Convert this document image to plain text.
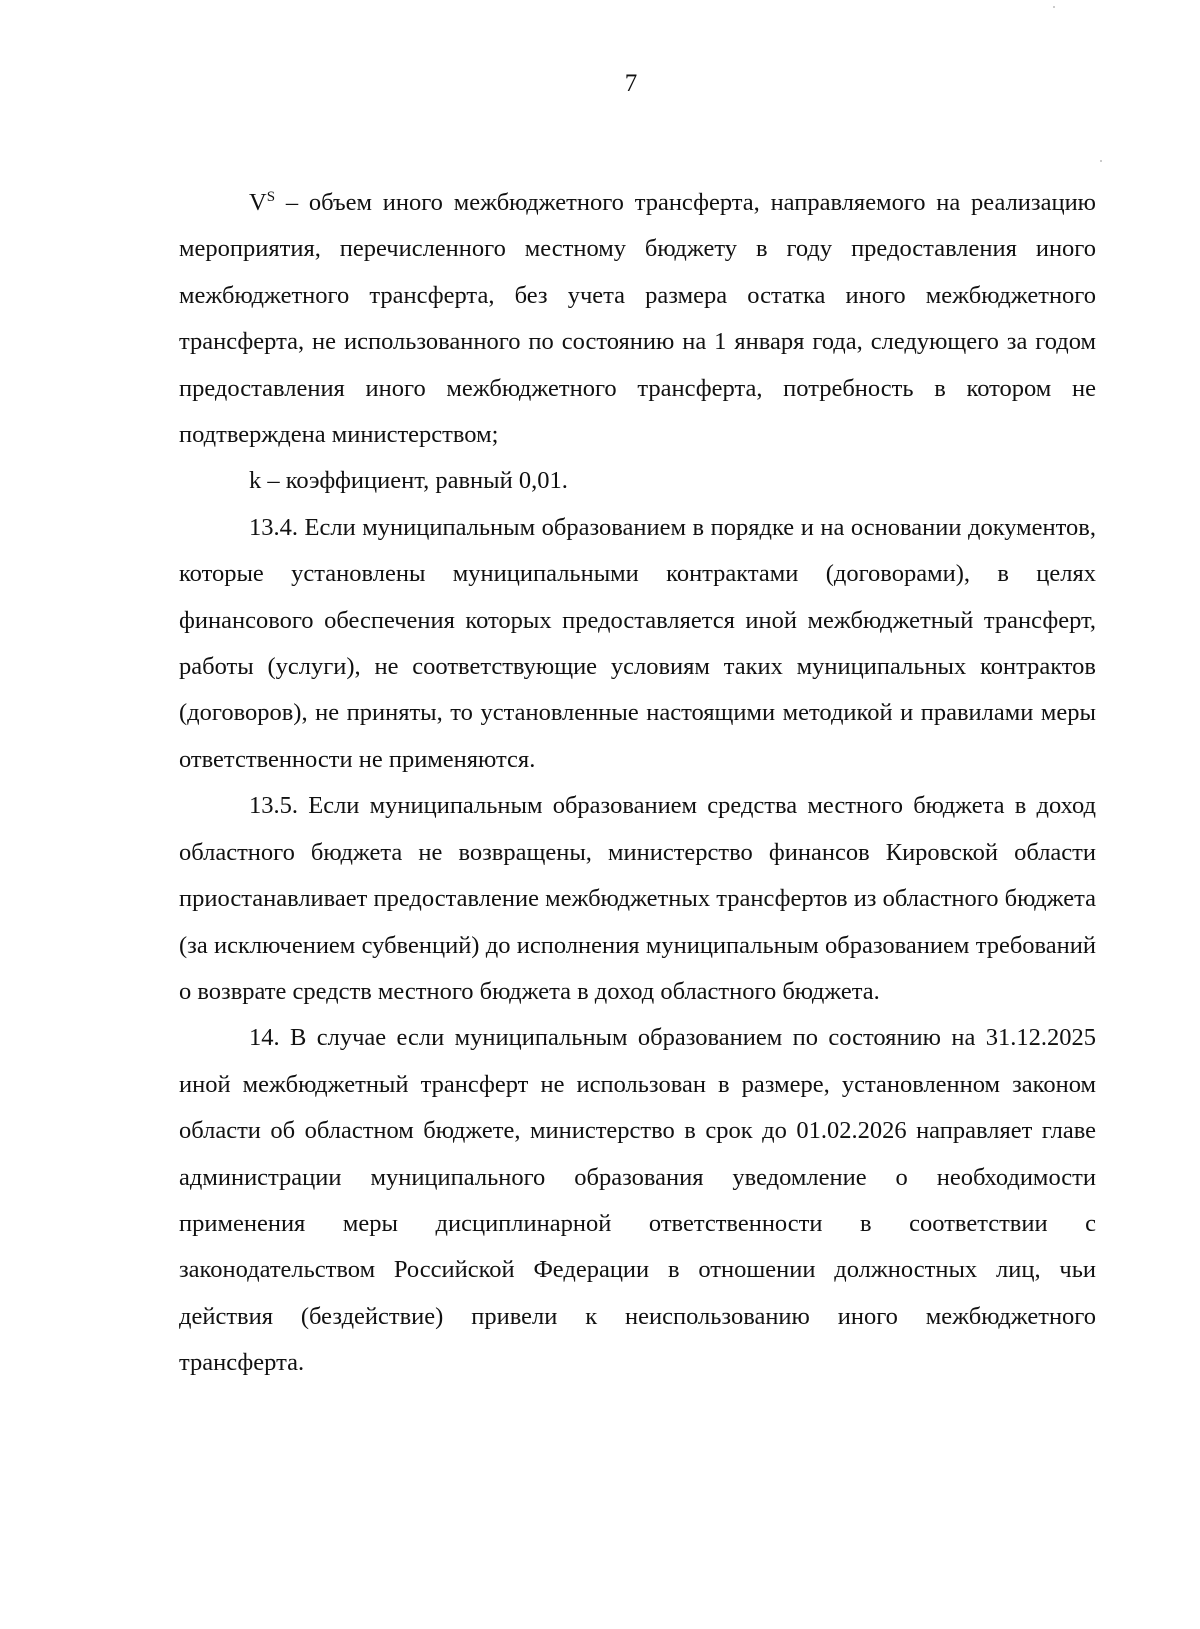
7

$V^S$ – объем иного межбюджетного трансферта, направляемого на реализацию мероприятия, перечисленного местному бюджету в году предоставления иного межбюджетного трансферта, без учета размера остатка иного межбюджетного трансферта, не использованного по состоянию на 1 января года, следующего за годом предоставления иного межбюджетного трансферта, потребность в котором не подтверждена министерством;

k – коэффициент, равный 0,01.

13.4. Если муниципальным образованием в порядке и на основании документов, которые установлены муниципальными контрактами (договорами), в целях финансового обеспечения которых предоставляется иной межбюджетный трансферт, работы (услуги), не соответствующие условиям таких муниципальных контрактов (договоров), не приняты, то установленные настоящими методикой и правилами меры ответственности не применяются.

13.5. Если муниципальным образованием средства местного бюджета в доход областного бюджета не возвращены, министерство финансов Кировской области приостанавливает предоставление межбюджетных трансфертов из областного бюджета (за исключением субвенций) до исполнения муниципальным образованием требований о возврате средств местного бюджета в доход областного бюджета.

14. В случае если муниципальным образованием по состоянию на 31.12.2025 иной межбюджетный трансферт не использован в размере, установленном законом области об областном бюджете, министерство в срок до 01.02.2026 направляет главе администрации муниципального образования уведомление о необходимости применения меры дисциплинарной ответственности в соответствии с законодательством Российской Федерации в отношении должностных лиц, чьи действия (бездействие) привели к неиспользованию иного межбюджетного трансферта.
